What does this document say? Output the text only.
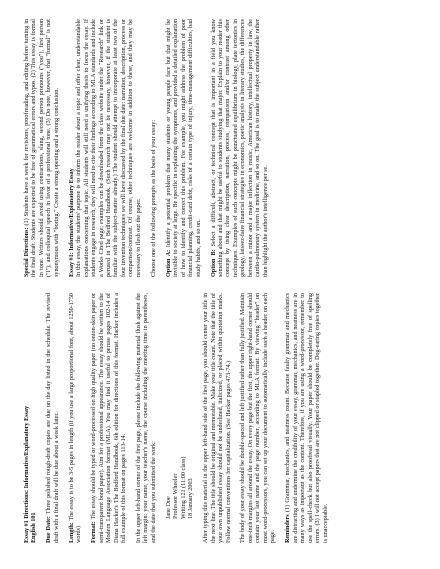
Essay #1 Directions: Informative/Explanatory Essay English 101 Due Date: Three polished rough-draft copies are due on the day listed in the schedule. The revised draft with a final draft will be due about a week later. Length: The essay is to be 3-5 pages in length (if you use a large proportional font, about 1250-1750 words) Format: The essay should be typed or word-processed on high quality paper (no onion-skin paper or semi-transparent bond paper). Aim for a professional appearance. The essay should be written to the Modern Language Association format (MLA). You may find it useful to peruse pages 102-14 of Diana Hacker's The Bedford Handbook, 6th edition for directions of this format. Hacker includes a full example of this format on pages 113-14. In the upper left-hand corner of the first page, please include the following material flush against the left margin: your name, your teacher's name, the course including the meeting time in parentheses, and the date that you submitted the work: Jane Doe Professor Wheeler Writing 121 (11:00 class) 18 January 2003 After typing this material in the upper left-hand side of the first page, you should center your title in the next line. The title should be original and memorable. Make your title count. Note that the title of your own unpublished essay should not be underlined, italicized, or placed within quotation marks. Follow normal conventions for capitalization. (See Hacker pages 473-74.) The body of your essay should be double-spaced and left justified rather than fully justified. Maintain one-inch margins all around the essay. On every page but the first, the upper right-hand corner should contain your last name and the page number, according to MLA format. By viewing "header" on most word-processors, you can set up your document to automatically include such a header on each page. Reminders (1) Grammar, mechanics, and neatness count. Because faulty grammar and mechanics are distracting and undermine the credibility of your essay, grammar, mechanics, and neatness are in many ways as important as the content. Therefore, if you are using a word-processor, remember to use the spell-check but also proofread visually. Your paper should be completely free of spelling errors. (3) I will not accept papers that are not clipped or stapled together. Dog-earing copies together is unacceptable.

Special Directions: (1) Students have a week for revisions, proofreading, and editing before turning in the final draft. Students are expected to be free of grammatical errors and typos. (2) This essay is formal in tone. Writers should avoid using contractions, slang, second person pronouns ("you"), first person ("I"), and colloquial speech in favor of a professional tone. (3) Do note, however, that "formal" is not synonymous with "boring." Create a strong opening and a strong conclusion. Essay #1: Informative/Explanatory Essay In this essay, the students' purpose is to inform the reader about a topic and offer clear, understandable explanations concerning that topic. All students will still need a unifying thesis to focus the essay. If students engage in research, they will need to cite their findings according to MLA standards and include a Works Cited page; examples can be downloaded from the class website under the "Research" link or perused in The Bedford Handbook. (Such research may not be necessary, however, if the student is familiar with the subject-matter already.) The student should attempt to incorporate at least two of the four invention techniques we will have discussed by the final due date: narration, description, process or comparison/contrast. Of course, other techniques are welcome in addition to these, and they may be necessary to flesh out the paper. Choose one of the following prompts as the basis of your essay: Option A: Identify a potential problem that many students or young people face but that might be invisible to society at large. Be specific in explaining the symptoms, and provided a detailed explanation of how to identify and correct this problem. For example, you might address the problem of poor financial planning, credit-card debt, risks of a certain type of injury, time-management difficulties, bad study habits, and so on. Option B: Select a difficult, abstract, or technical concept that is important in a field you know something about and that might be useful to students studying that major. Explain to your reader this concept by using clear description, narration, process, comparison and/or contrast among other techniques. Examples of such concepts might be punctuated equilibrium in biology, plate tectonics in geology, laissez-faire financial strategies in economics, poetic analysis in literary studies, the differences between a minor and a major inflection in music, American history, intellectual property in law, the cardio-pulmonary system in medicine, and so on. The goal is to make the subject understandable rather than highlight the author's intelligence per se.
